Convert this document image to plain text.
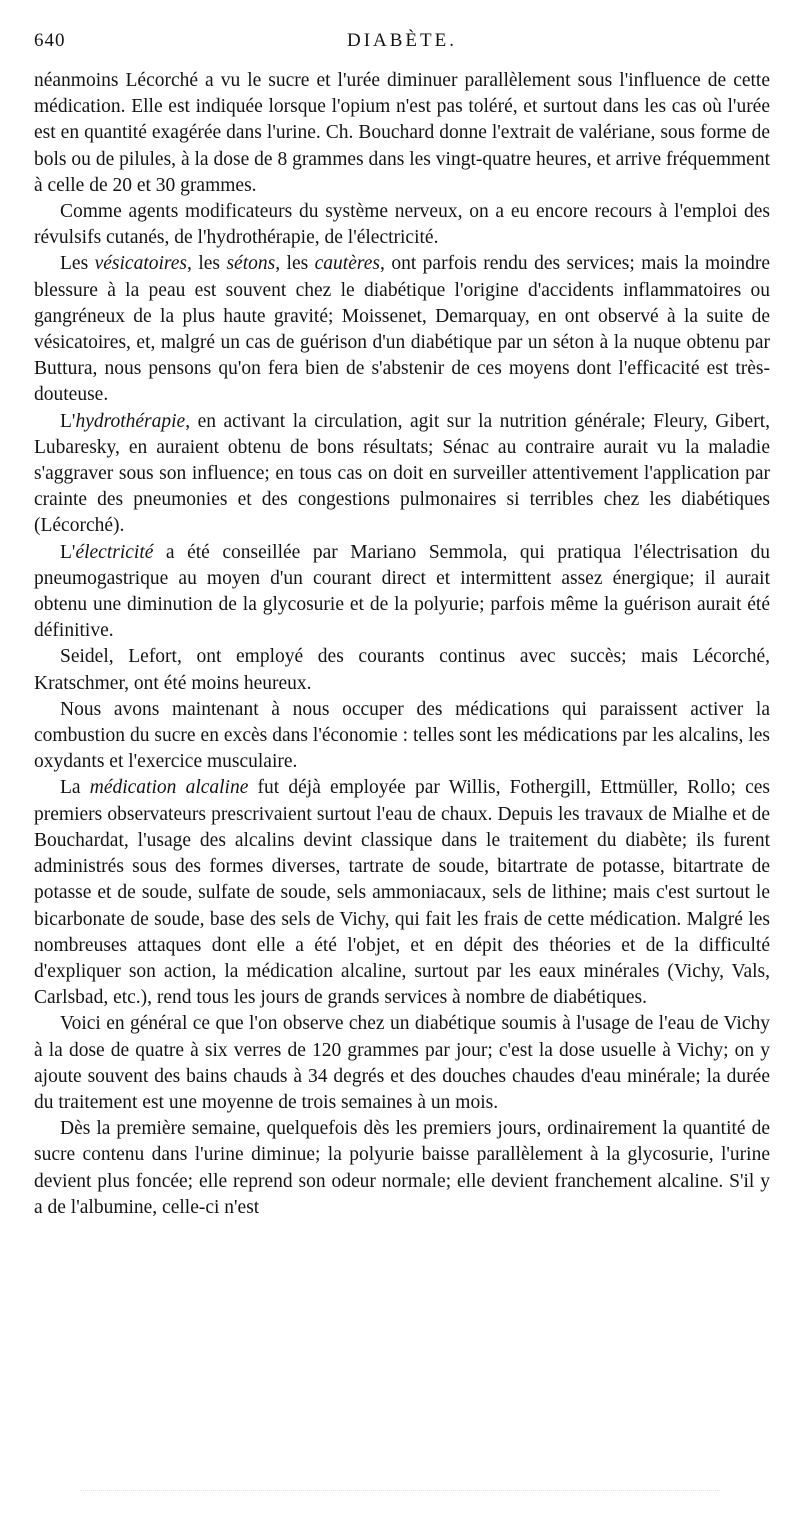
640	DIABÈTE.

néanmoins Lécorché a vu le sucre et l'urée diminuer parallèlement sous l'influence de cette médication. Elle est indiquée lorsque l'opium n'est pas toléré, et surtout dans les cas où l'urée est en quantité exagérée dans l'urine. Ch. Bouchard donne l'extrait de valériane, sous forme de bols ou de pilules, à la dose de 8 grammes dans les vingt-quatre heures, et arrive fréquemment à celle de 20 et 30 grammes.

Comme agents modificateurs du système nerveux, on a eu encore recours à l'emploi des révulsifs cutanés, de l'hydrothérapie, de l'électricité.

Les vésicatoires, les sétons, les cautères, ont parfois rendu des services; mais la moindre blessure à la peau est souvent chez le diabétique l'origine d'accidents inflammatoires ou gangréneux de la plus haute gravité; Moissenet, Demarquay, en ont observé à la suite de vésicatoires, et, malgré un cas de guérison d'un diabétique par un séton à la nuque obtenu par Buttura, nous pensons qu'on fera bien de s'abstenir de ces moyens dont l'efficacité est très-douteuse.

L'hydrothérapie, en activant la circulation, agit sur la nutrition générale; Fleury, Gibert, Lubaresky, en auraient obtenu de bons résultats; Sénac au contraire aurait vu la maladie s'aggraver sous son influence; en tous cas on doit en surveiller attentivement l'application par crainte des pneumonies et des congestions pulmonaires si terribles chez les diabétiques (Lécorché).

L'électricité a été conseillée par Mariano Semmola, qui pratiqua l'électrisation du pneumogastrique au moyen d'un courant direct et intermittent assez énergique; il aurait obtenu une diminution de la glycosurie et de la polyurie; parfois même la guérison aurait été définitive.

Seidel, Lefort, ont employé des courants continus avec succès; mais Lécorché, Kratschmer, ont été moins heureux.

Nous avons maintenant à nous occuper des médications qui paraissent activer la combustion du sucre en excès dans l'économie : telles sont les médications par les alcalins, les oxydants et l'exercice musculaire.

La médication alcaline fut déjà employée par Willis, Fothergill, Ettmüller, Rollo; ces premiers observateurs prescrivaient surtout l'eau de chaux. Depuis les travaux de Mialhe et de Bouchardat, l'usage des alcalins devint classique dans le traitement du diabète; ils furent administrés sous des formes diverses, tartrate de soude, bitartrate de potasse, bitartrate de potasse et de soude, sulfate de soude, sels ammoniacaux, sels de lithine; mais c'est surtout le bicarbonate de soude, base des sels de Vichy, qui fait les frais de cette médication. Malgré les nombreuses attaques dont elle a été l'objet, et en dépit des théories et de la difficulté d'expliquer son action, la médication alcaline, surtout par les eaux minérales (Vichy, Vals, Carlsbad, etc.), rend tous les jours de grands services à nombre de diabétiques.

Voici en général ce que l'on observe chez un diabétique soumis à l'usage de l'eau de Vichy à la dose de quatre à six verres de 120 grammes par jour; c'est la dose usuelle à Vichy; on y ajoute souvent des bains chauds à 34 degrés et des douches chaudes d'eau minérale; la durée du traitement est une moyenne de trois semaines à un mois.

Dès la première semaine, quelquefois dès les premiers jours, ordinairement la quantité de sucre contenu dans l'urine diminue; la polyurie baisse parallèlement à la glycosurie, l'urine devient plus foncée; elle reprend son odeur normale; elle devient franchement alcaline. S'il y a de l'albumine, celle-ci n'est
